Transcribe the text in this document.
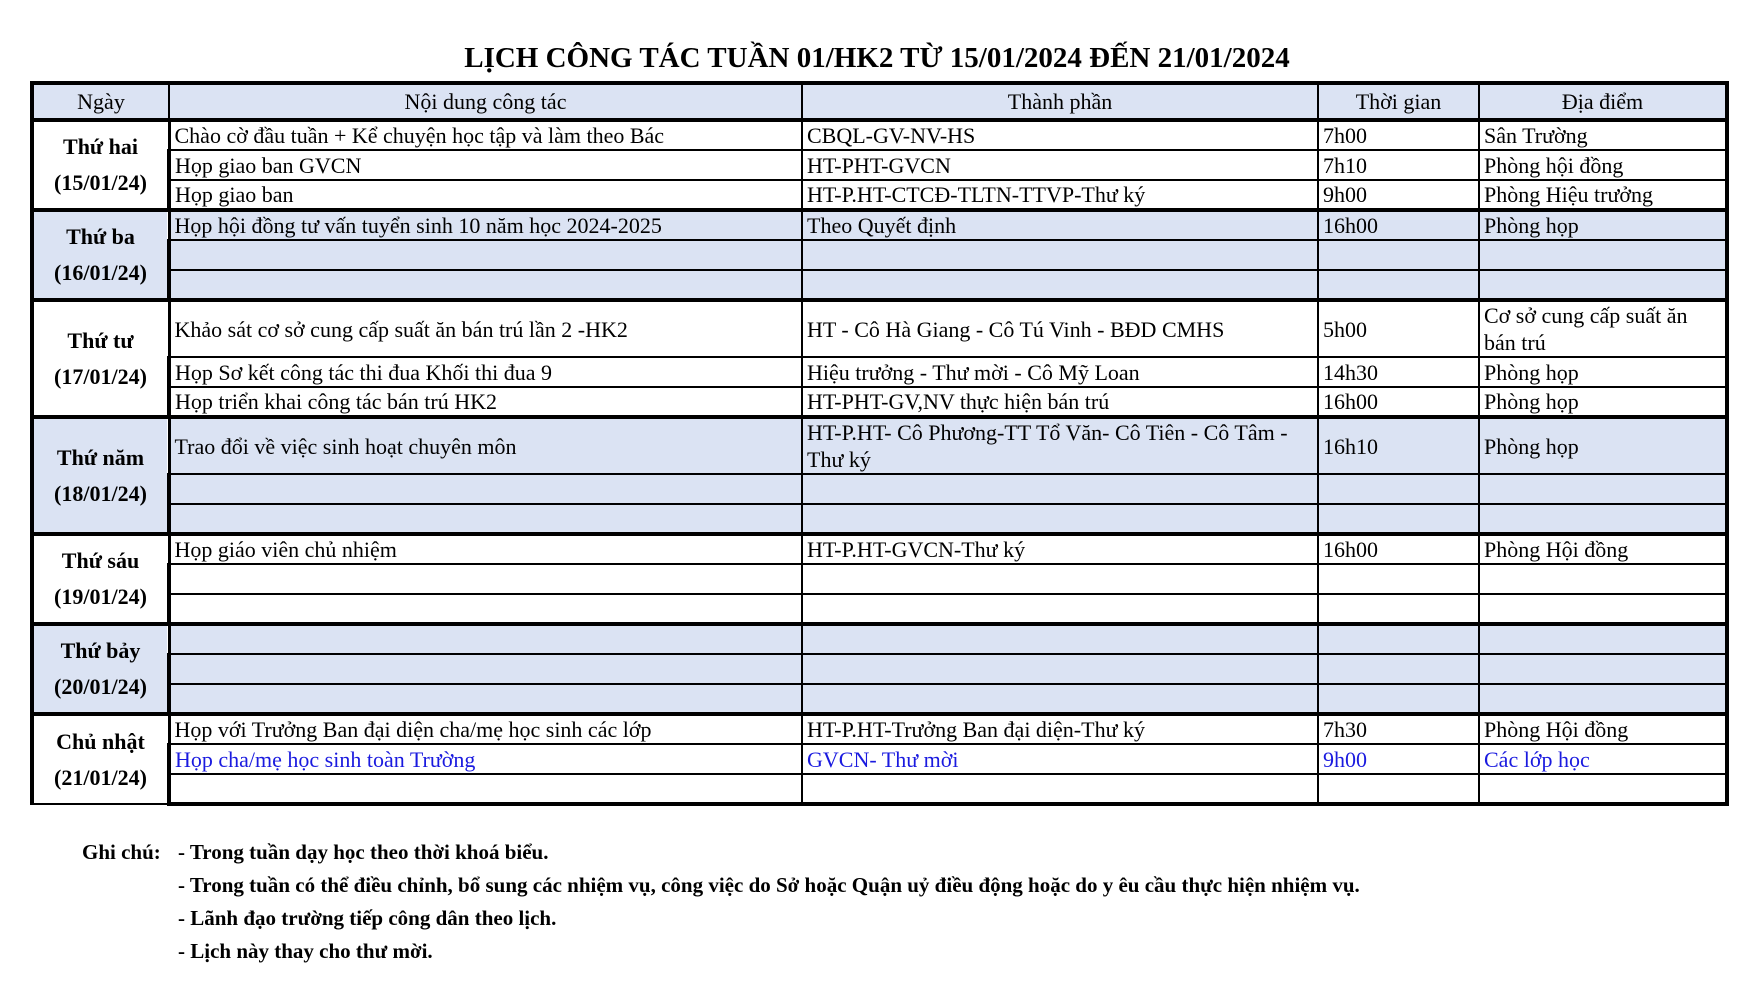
LỊCH CÔNG TÁC TUẦN 01/HK2 TỪ 15/01/2024 ĐẾN 21/01/2024
Ngày	Nội dung công tác	Thành phần	Thời gian	Địa điểm

Thứ hai
(15/01/24)	Chào cờ đầu tuần + Kể chuyện học tập và làm theo Bác	CBQL-GV-NV-HS	7h00	Sân Trường
	Họp giao ban GVCN	HT-PHT-GVCN	7h10	Phòng hội đồng
	Họp giao ban	HT-P.HT-CTCĐ-TLTN-TTVP-Thư ký	9h00	Phòng Hiệu trưởng

Thứ ba
(16/01/24)	Họp hội đồng tư vấn tuyển sinh 10 năm học 2024-2025	Theo Quyết định	16h00	Phòng họp

Thứ tư
(17/01/24)	Khảo sát cơ sở cung cấp suất ăn bán trú lần 2 -HK2	HT - Cô Hà Giang - Cô Tú Vinh - BĐD CMHS	5h00	Cơ sở cung cấp suất ăn bán trú
	Họp Sơ kết công tác thi đua Khối thi đua 9	Hiệu trưởng - Thư mời - Cô Mỹ Loan	14h30	Phòng họp
	Họp triển khai công tác bán trú HK2	HT-PHT-GV,NV thực hiện bán trú	16h00	Phòng họp

Thứ năm
(18/01/24)	Trao đổi về việc sinh hoạt chuyên môn	HT-P.HT- Cô Phương-TT Tổ Văn- Cô Tiên - Cô Tâm - Thư ký	16h10	Phòng họp

Thứ sáu
(19/01/24)	Họp giáo viên chủ nhiệm	HT-P.HT-GVCN-Thư ký	16h00	Phòng Hội đồng

Thứ bảy
(20/01/24)				

Chủ nhật
(21/01/24)	Họp với Trưởng Ban đại diện cha/mẹ học sinh các lớp	HT-P.HT-Trưởng Ban đại diện-Thư ký	7h30	Phòng Hội đồng
	Họp cha/mẹ học sinh toàn Trường	GVCN- Thư mời	9h00	Các lớp học

Ghi chú: - Trong tuần dạy học theo thời khoá biểu.
- Trong tuần có thể điều chỉnh, bổ sung các nhiệm vụ, công việc do Sở hoặc Quận uỷ điều động hoặc do y êu cầu thực hiện nhiệm vụ.
- Lãnh đạo trường tiếp công dân theo lịch.
- Lịch này thay cho thư mời.
